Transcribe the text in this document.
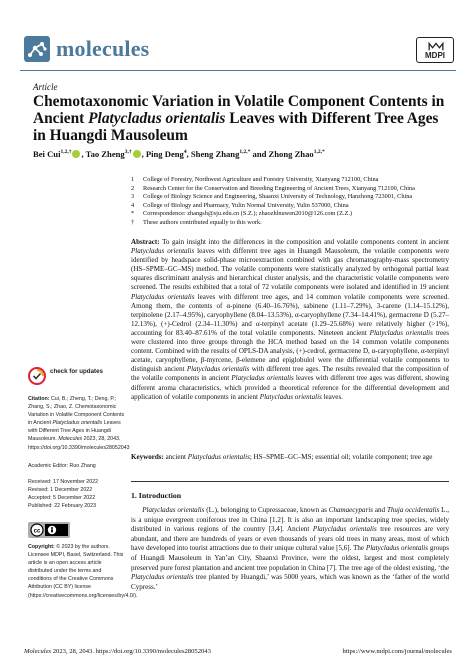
molecules	MDPI
Article
Chemotaxonomic Variation in Volatile Component Contents in Ancient Platycladus orientalis Leaves with Different Tree Ages in Huangdi Mausoleum
Bei Cui$^{1,2,\dagger}$ , Tao Zheng$^{3,\dagger}$ , Ping Deng$^4$, Sheng Zhang$^{1,2,*}$ and Zhong Zhao$^{1,2,*}$
1 College of Forestry, Northwest Agriculture and Forestry University, Xianyang 712100, China
2 Research Center for the Conservation and Breeding Engineering of Ancient Trees, Xianyang 712100, China
3 College of Biology Science and Engineering, Shaanxi University of Technology, Hanzhong 723001, China
4 College of Biology and Pharmacy, Yulin Normal University, Yulin 537000, China
* Correspondence: zhangsh@sju.edu.cn (S.Z.); zhaozhlnuwen2010@126.com (Z.Z.)
† These authors contributed equally to this work.
Abstract: To gain insight into the differences in the composition and volatile components content in ancient Platycladus orientalis leaves with different tree ages in Huangdi Mausoleum, the volatile components were identified by headspace solid-phase microextraction combined with gas chromatography-mass spectrometry (HS–SPME–GC–MS) method. The volatile components were statistically analyzed by orthogonal partial least squares discriminant analysis and hierarchical cluster analysis, and the characteristic volatile components were screened. The results exhibited that a total of 72 volatile components were isolated and identified in 19 ancient Platycladus orientalis leaves with different tree ages, and 14 common volatile components were screened. Among them, the contents of α-pinene (6.40–16.76%), sabinene (1.11–7.29%), 3-carene (1.14–15.12%), terpinolene (2.17–4.95%), caryophyllene (8.04–13.53%), α-caryophyllene (7.34–14.41%), germacrene D (5.27–12.13%), (+)-Cedrol (2.34–11.30%) and α-terpinyl acetate (1.29–25.68%) were relatively higher (>1%), accounting for 83.40–87.61% of the total volatile components. Nineteen ancient Platycladus orientalis trees were clustered into three groups through the HCA method based on the 14 common volatile components content. Combined with the results of OPLS-DA analysis, (+)-cedrol, germacrene D, α-caryophyllene, α-terpinyl acetate, caryophyllene, β-myrcene, β-elemene and epiglobulol were the differential volatile components to distinguish ancient Platycladus orientalis with different tree ages. The results revealed that the composition of the volatile components in ancient Platycladus orientalis leaves with different tree ages was different, showing different aroma characteristics, which provided a theoretical reference for the differential development and application of volatile components in ancient Platycladus orientalis leaves.
Keywords: ancient Platycladus orientalis; HS–SPME–GC–MS; essential oil; volatile component; tree age
1. Introduction
Platycladus orientalis (L.), belonging to Cupressaceae, known as Chamaecyparis and Thuja occidentalis L., is a unique evergreen coniferous tree in China [1,2]. It is also an important landscaping tree species, widely distributed in various regions of the country [3,4]. Ancient Platycladus orientalis tree resources are very abundant, and there are hundreds of years or even thousands of years old trees in many areas, most of which have developed into tourist attractions due to their unique cultural value [5,6]. The Platycladus orientalis groups of Huangdi Mausoleum in Yan’an City, Shaanxi Province, were the oldest, largest and most completely preserved pure forest plantation and ancient tree population in China [7]. The tree age of the oldest existing, ‘the Platycladus orientalis tree planted by Huangdi,’ was 5000 years, which was known as the ‘father of the world Cypress.’
check for updates
Citation: Cui, B.; Zheng, T.; Deng, P.; Zhang, S.; Zhao, Z. Chemotaxonomic Variation in Volatile Component Contents in Ancient Platycladus orientalis Leaves with Different Tree Ages in Huangdi Mausoleum. Molecules 2023, 28, 2043. https://doi.org/10.3390/molecules28052043
Academic Editor: Ruo Zhang
Received: 17 November 2022
Revised: 1 December 2022
Accepted: 5 December 2022
Published: 22 February 2023
cc
Copyright: © 2023 by the authors. Licensee MDPI, Basel, Switzerland. This article is an open access article distributed under the terms and conditions of the Creative Commons Attribution (CC BY) license (https://creativecommons.org/licenses/by/4.0/).
Molecules 2023, 28, 2043. https://doi.org/10.3390/molecules28052043	https://www.mdpi.com/journal/molecules
